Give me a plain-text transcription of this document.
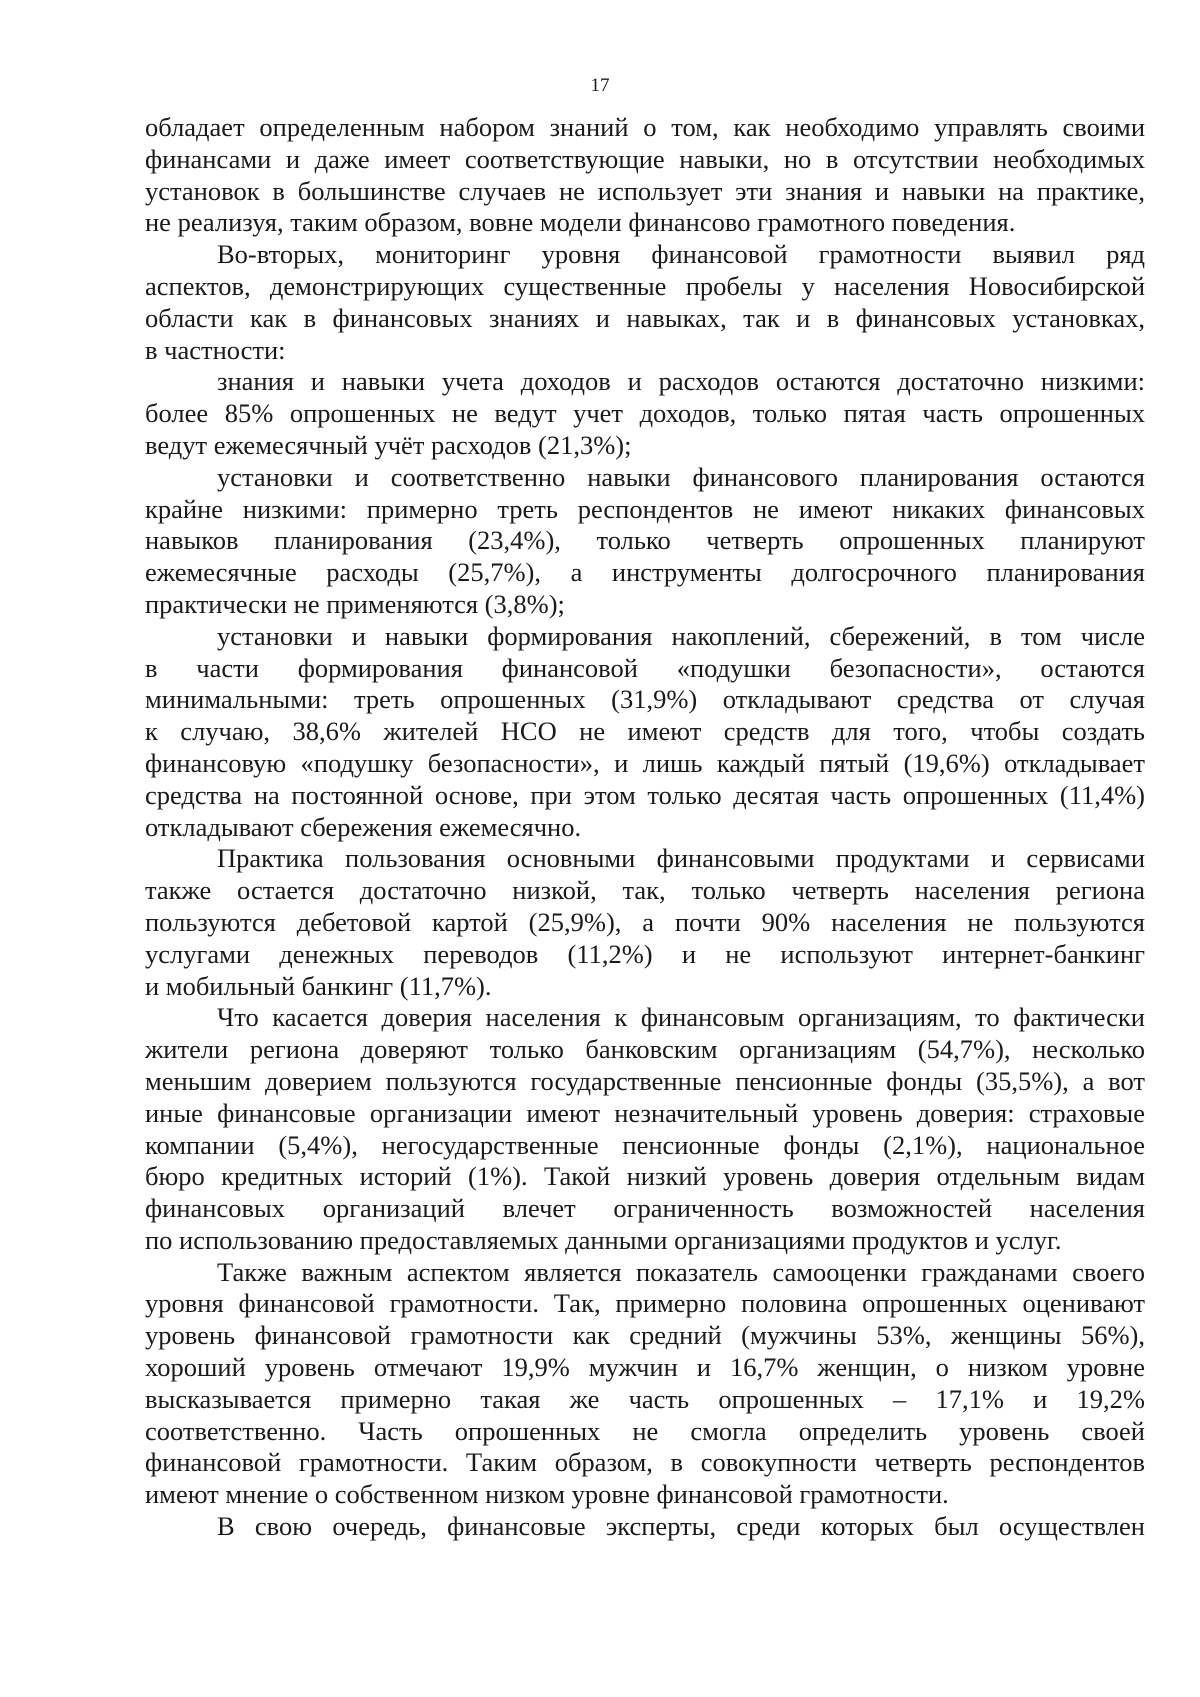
17
обладает определенным набором знаний о том, как необходимо управлять своими
финансами и даже имеет соответствующие навыки, но в отсутствии необходимых
установок в большинстве случаев не использует эти знания и навыки на практике,
не реализуя, таким образом, вовне модели финансово грамотного поведения.
Во-вторых, мониторинг уровня финансовой грамотности выявил ряд
аспектов, демонстрирующих существенные пробелы у населения Новосибирской
области как в финансовых знаниях и навыках, так и в финансовых установках,
в частности:
знания и навыки учета доходов и расходов остаются достаточно низкими:
более 85% опрошенных не ведут учет доходов, только пятая часть опрошенных
ведут ежемесячный учёт расходов (21,3%);
установки и соответственно навыки финансового планирования остаются
крайне низкими: примерно треть респондентов не имеют никаких финансовых
навыков планирования (23,4%), только четверть опрошенных планируют
ежемесячные расходы (25,7%), а инструменты долгосрочного планирования
практически не применяются (3,8%);
установки и навыки формирования накоплений, сбережений, в том числе
в части формирования финансовой «подушки безопасности», остаются
минимальными: треть опрошенных (31,9%) откладывают средства от случая
к случаю, 38,6% жителей НСО не имеют средств для того, чтобы создать
финансовую «подушку безопасности», и лишь каждый пятый (19,6%) откладывает
средства на постоянной основе, при этом только десятая часть опрошенных (11,4%)
откладывают сбережения ежемесячно.
Практика пользования основными финансовыми продуктами и сервисами
также остается достаточно низкой, так, только четверть населения региона
пользуются дебетовой картой (25,9%), а почти 90% населения не пользуются
услугами денежных переводов (11,2%) и не используют интернет-банкинг
и мобильный банкинг (11,7%).
Что касается доверия населения к финансовым организациям, то фактически
жители региона доверяют только банковским организациям (54,7%), несколько
меньшим доверием пользуются государственные пенсионные фонды (35,5%), а вот
иные финансовые организации имеют незначительный уровень доверия: страховые
компании (5,4%), негосударственные пенсионные фонды (2,1%), национальное
бюро кредитных историй (1%). Такой низкий уровень доверия отдельным видам
финансовых организаций влечет ограниченность возможностей населения
по использованию предоставляемых данными организациями продуктов и услуг.
Также важным аспектом является показатель самооценки гражданами своего
уровня финансовой грамотности. Так, примерно половина опрошенных оценивают
уровень финансовой грамотности как средний (мужчины 53%, женщины 56%),
хороший уровень отмечают 19,9% мужчин и 16,7% женщин, о низком уровне
высказывается примерно такая же часть опрошенных – 17,1% и 19,2%
соответственно. Часть опрошенных не смогла определить уровень своей
финансовой грамотности. Таким образом, в совокупности четверть респондентов
имеют мнение о собственном низком уровне финансовой грамотности.
В свою очередь, финансовые эксперты, среди которых был осуществлен
